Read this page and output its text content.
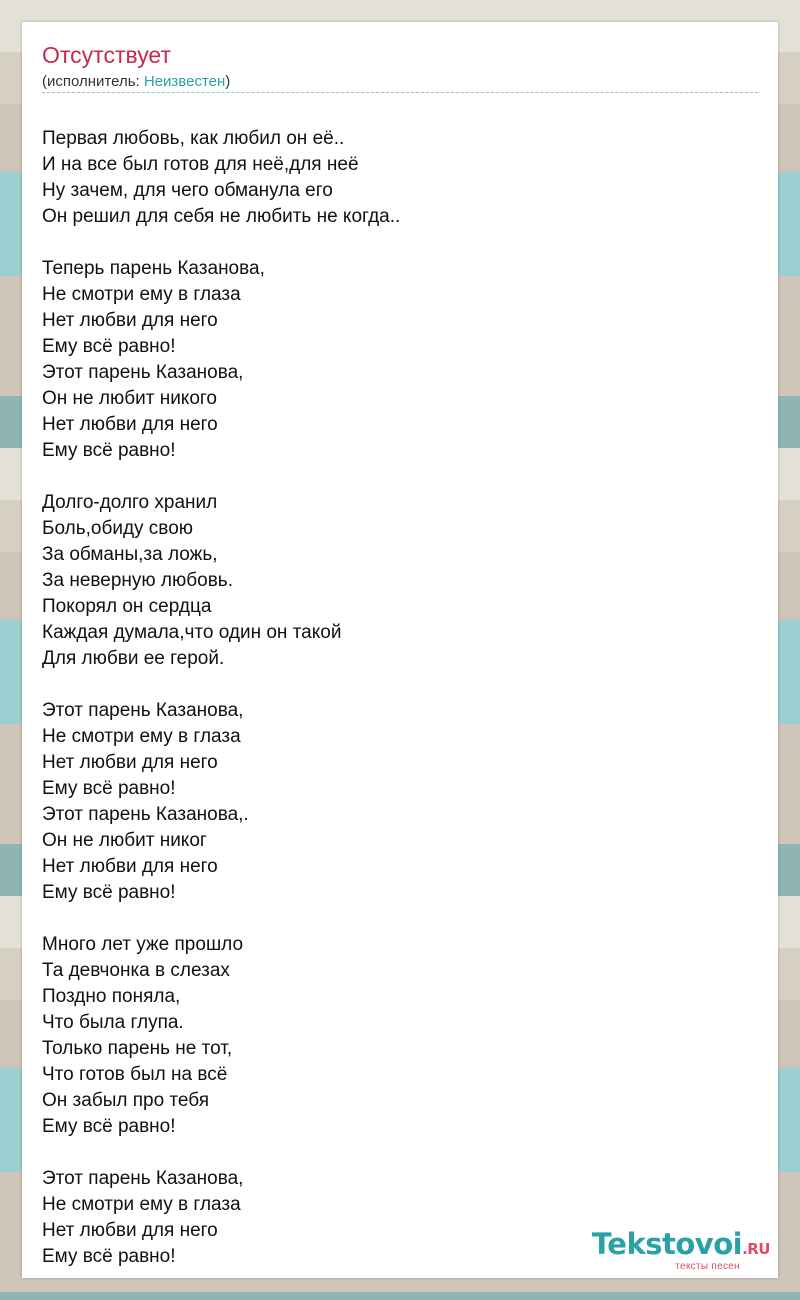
Отсутствует
(исполнитель: Неизвестен)
Первая любовь, как любил он её..
И на все был готов для неё,для неё
Ну зачем, для чего обманула его
Он решил для себя не любить не когда..
Теперь парень Казанова,
Не смотри ему в глаза
Нет любви для него
Ему всё равно!
Этот парень Казанова,
Он не любит никого
Нет любви для него
Ему всё равно!
Долго-долго хранил
Боль,обиду свою
За обманы,за ложь,
За неверную любовь.
Покорял он сердца
Каждая думала,что один он такой
Для любви ее герой.
Этот парень Казанова,
Не смотри ему в глаза
Нет любви для него
Ему всё равно!
Этот парень Казанова,.
Он не любит никог
Нет любви для него
Ему всё равно!
Много лет уже прошло
Та девчонка в слезах
Поздно поняла,
Что была глупа.
Только парень не тот,
Что готов был на всё
Он забыл про тебя
Ему всё равно!
Этот парень Казанова,
Не смотри ему в глаза
Нет любви для него
Ему всё равно!	Tekstovoi.RU
тексты песен
